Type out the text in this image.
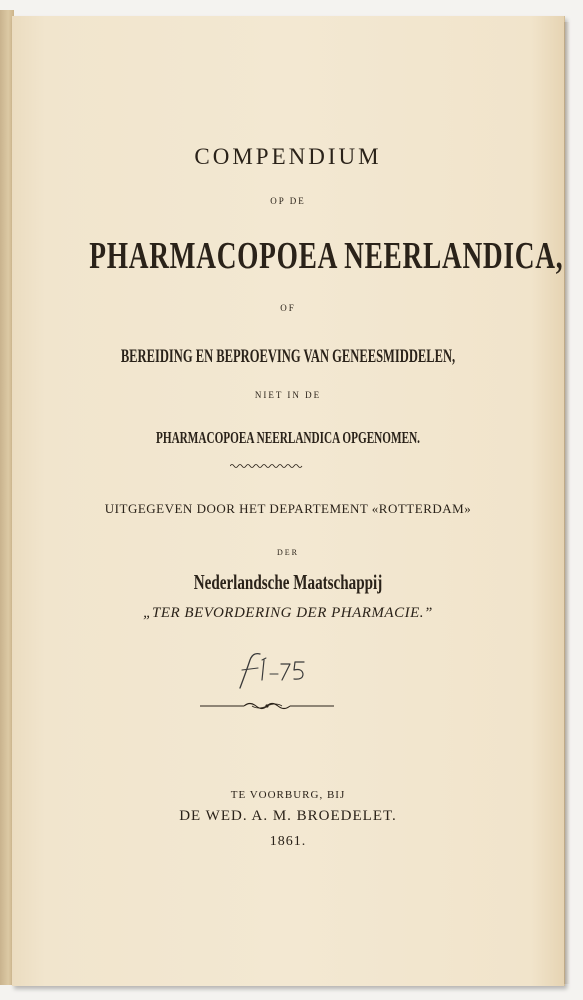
COMPENDIUM
OP DE
PHARMACOPOEA NEERLANDICA,
OF
BEREIDING EN BEPROEVING VAN GENEESMIDDELEN,
NIET IN DE
PHARMACOPOEA NEERLANDICA OPGENOMEN.
UITGEGEVEN DOOR HET DEPARTEMENT «ROTTERDAM»
DER
Nederlandsche Maatschappij
„TER BEVORDERING DER PHARMACIE.”
TE VOORBURG, BIJ
DE WED. A. M. BROEDELET.
1861.
